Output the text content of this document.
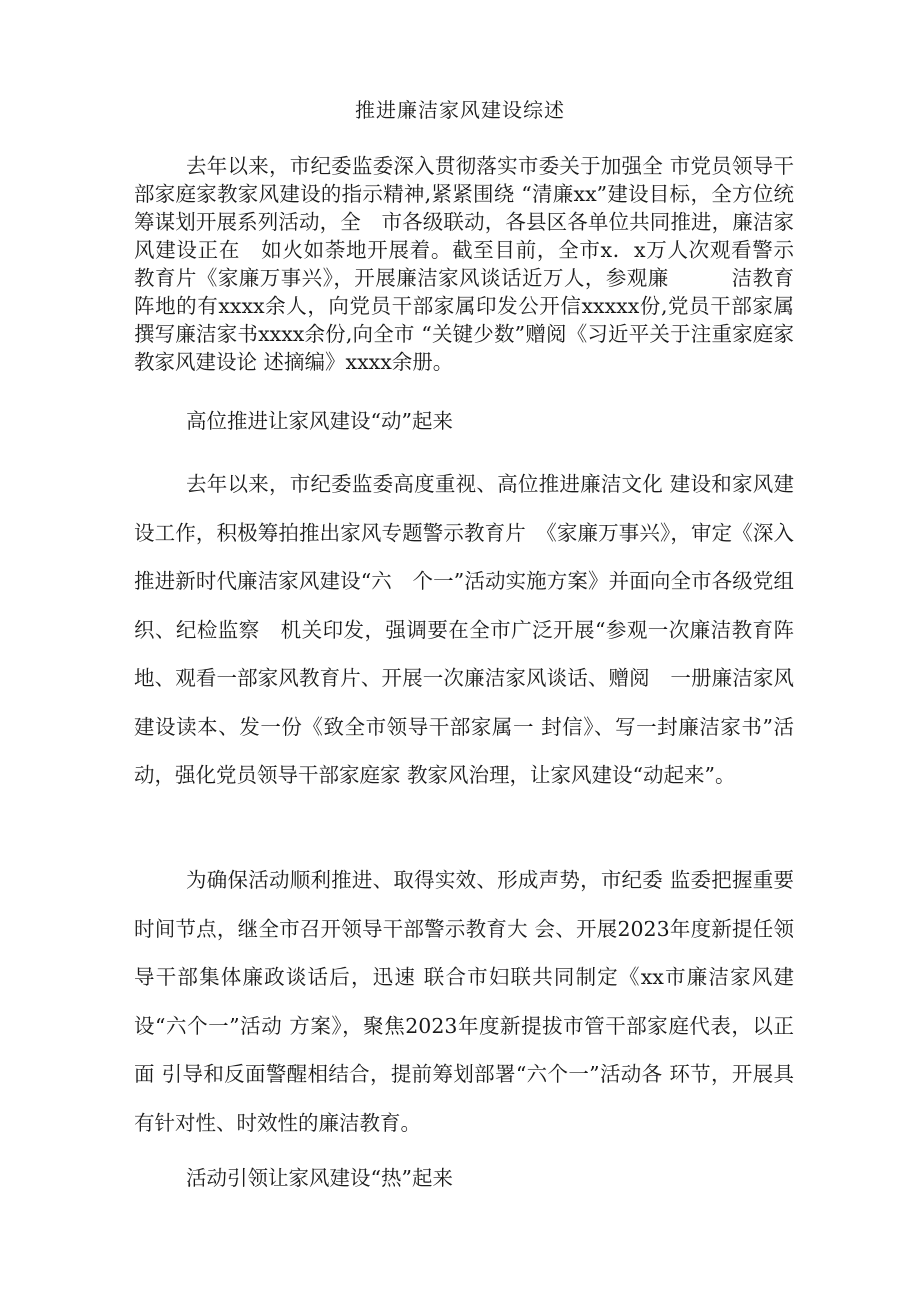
推进廉洁家风建设综述

去年以来，市纪委监委深入贯彻落实市委关于加强全 市党员领导干部家庭家教家风建设的指示精神,紧紧围绕 “清廉xx”建设目标，全方位统筹谋划开展系列活动，全　市各级联动，各县区各单位共同推进，廉洁家风建设正在　如火如荼地开展着。截至目前，全市x．x万人次观看警示　教育片《家廉万事兴》，开展廉洁家风谈话近万人，参观廉　　　洁教育阵地的有xxxx余人，向党员干部家属印发公开信xxxxx份,党员干部家属撰写廉洁家书xxxx余份,向全市 “关键少数”赠阅《习近平关于注重家庭家教家风建设论 述摘编》xxxx余册。

高位推进让家风建设“动”起来

去年以来，市纪委监委高度重视、高位推进廉洁文化 建设和家风建设工作，积极筹拍推出家风专题警示教育片　《家廉万事兴》，审定《深入推进新时代廉洁家风建设“六　个一”活动实施方案》并面向全市各级党组织、纪检监察　机关印发，强调要在全市广泛开展“参观一次廉洁教育阵　地、观看一部家风教育片、开展一次廉洁家风谈话、赠阅　一册廉洁家风建设读本、发一份《致全市领导干部家属一 封信》、写一封廉洁家书”活动，强化党员领导干部家庭家 教家风治理，让家风建设“动起来”。

为确保活动顺利推进、取得实效、形成声势，市纪委 监委把握重要时间节点，继全市召开领导干部警示教育大 会、开展2023年度新提任领导干部集体廉政谈话后，迅速 联合市妇联共同制定《xx市廉洁家风建设“六个一”活动 方案》，聚焦2023年度新提拔市管干部家庭代表，以正面 引导和反面警醒相结合，提前筹划部署“六个一”活动各 环节，开展具有针对性、时效性的廉洁教育。

活动引领让家风建设“热”起来
